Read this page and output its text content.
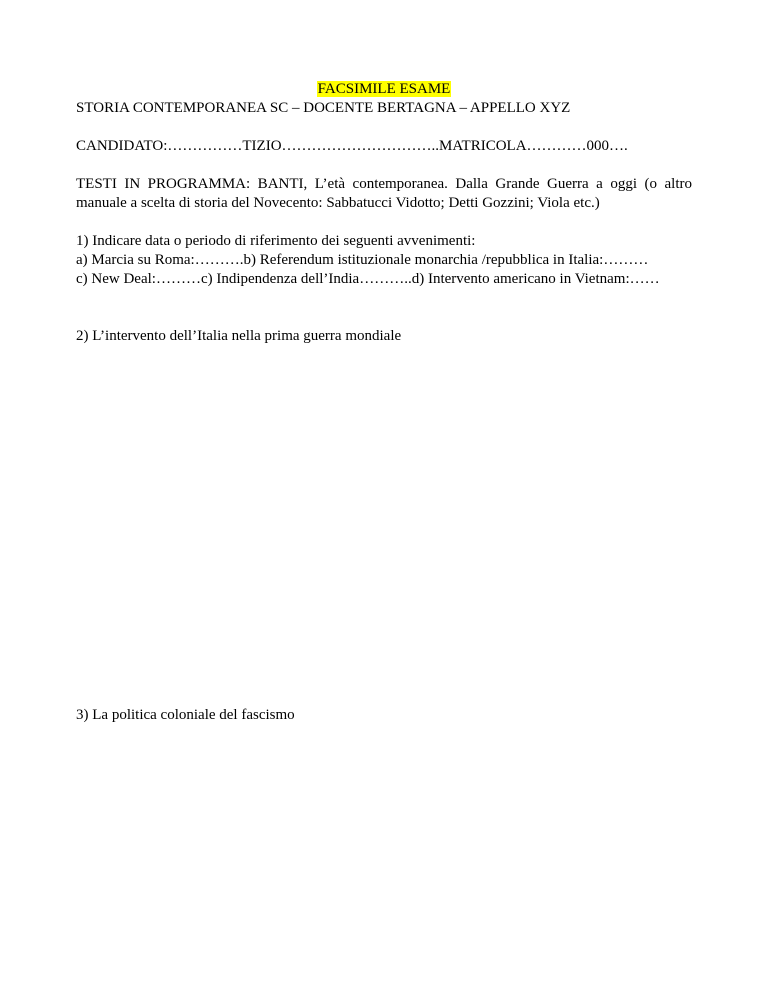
FACSIMILE ESAME
STORIA CONTEMPORANEA SC – DOCENTE BERTAGNA – APPELLO XYZ
CANDIDATO:……………TIZIO…………………………..MATRICOLA…………000….
TESTI IN PROGRAMMA: BANTI, L’età contemporanea. Dalla Grande Guerra a oggi (o altro manuale a scelta di storia del Novecento: Sabbatucci Vidotto; Detti Gozzini; Viola etc.)
1) Indicare data o periodo di riferimento dei seguenti avvenimenti:
a) Marcia su Roma:……….b) Referendum istituzionale monarchia /repubblica in Italia:………
c) New Deal:………c) Indipendenza dell’India………..d) Intervento americano in Vietnam:……
2) L’intervento dell’Italia nella prima guerra mondiale
3) La politica coloniale del fascismo
